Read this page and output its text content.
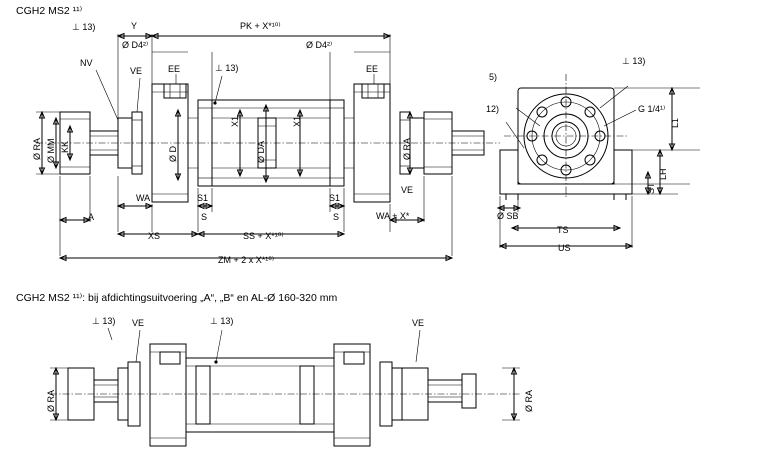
CGH2 MS2 ¹¹⁾
⊥ 13)	Y	PK + X*¹⁰⁾
Ø D4²⁾	Ø D4²⁾
NV
VE	EE	⊥ 13)	EE
Ø RA Ø MM KK	Ø D
X1
Ø DA
X1
Ø RA
WA	S1	S1
VE
A	S	S	WA + X*
XS	SS + X*¹⁰⁾
ZM + 2 x X*¹⁰⁾
5)
12)
⊥ 13)
G 1/4¹⁾
L1
LH
ST
Ø SB
TS
US
CGH2 MS2 ¹¹⁾: bij afdichtingsuitvoering „A“, „B“ en AL-Ø 160-320 mm
⊥ 13) VE	⊥ 13)	VE
Ø RA	Ø RA
